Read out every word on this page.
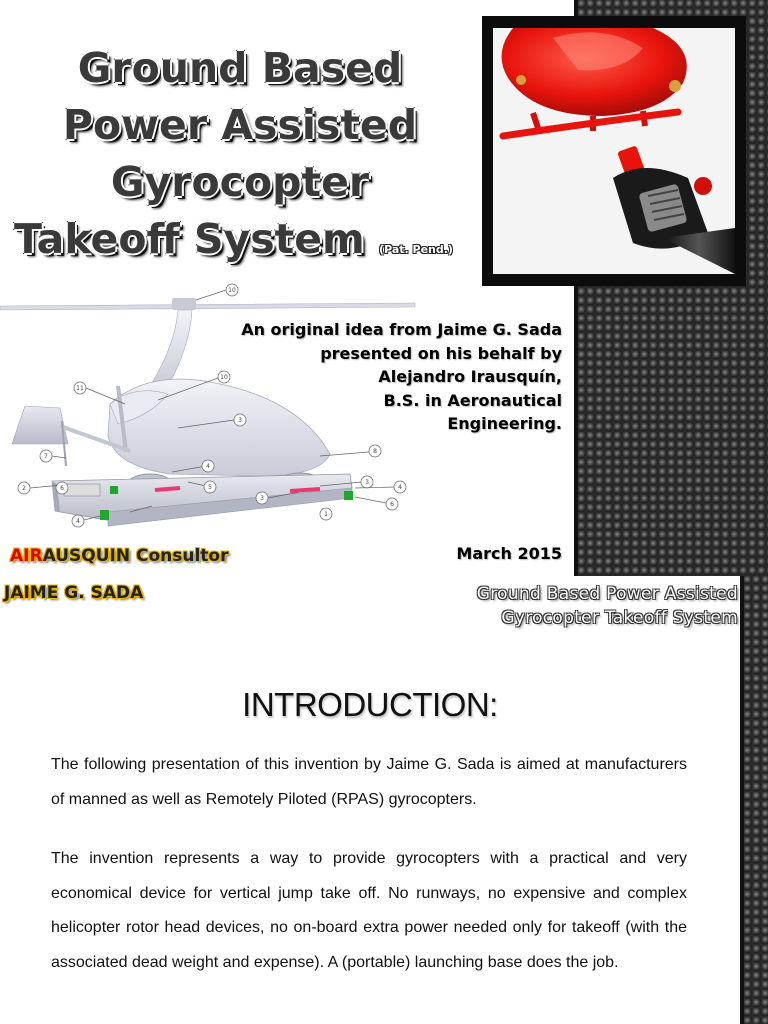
Ground Based
Power Assisted
Gyrocopter
Takeoff System (Pat. Pend.)
10
11
10
3
7
8
2	6
4
5
3
4
4
6
3
1
An original idea from Jaime G. Sada
presented on his behalf by
Alejandro Irausquín,
B.S. in Aeronautical
Engineering.
March 2015
AIRAUSQUIN Consultor
JAIME G. SADA	Ground Based Power Assisted
Gyrocopter Takeoff System
INTRODUCTION:

The following presentation of this invention by Jaime G. Sada is aimed at manufacturers of manned as well as Remotely Piloted (RPAS) gyrocopters.

The invention represents a way to provide gyrocopters with a practical and very economical device for vertical jump take off. No runways, no expensive and complex helicopter rotor head devices, no on-board extra power needed only for takeoff (with the associated dead weight and expense). A (portable) launching base does the job.
